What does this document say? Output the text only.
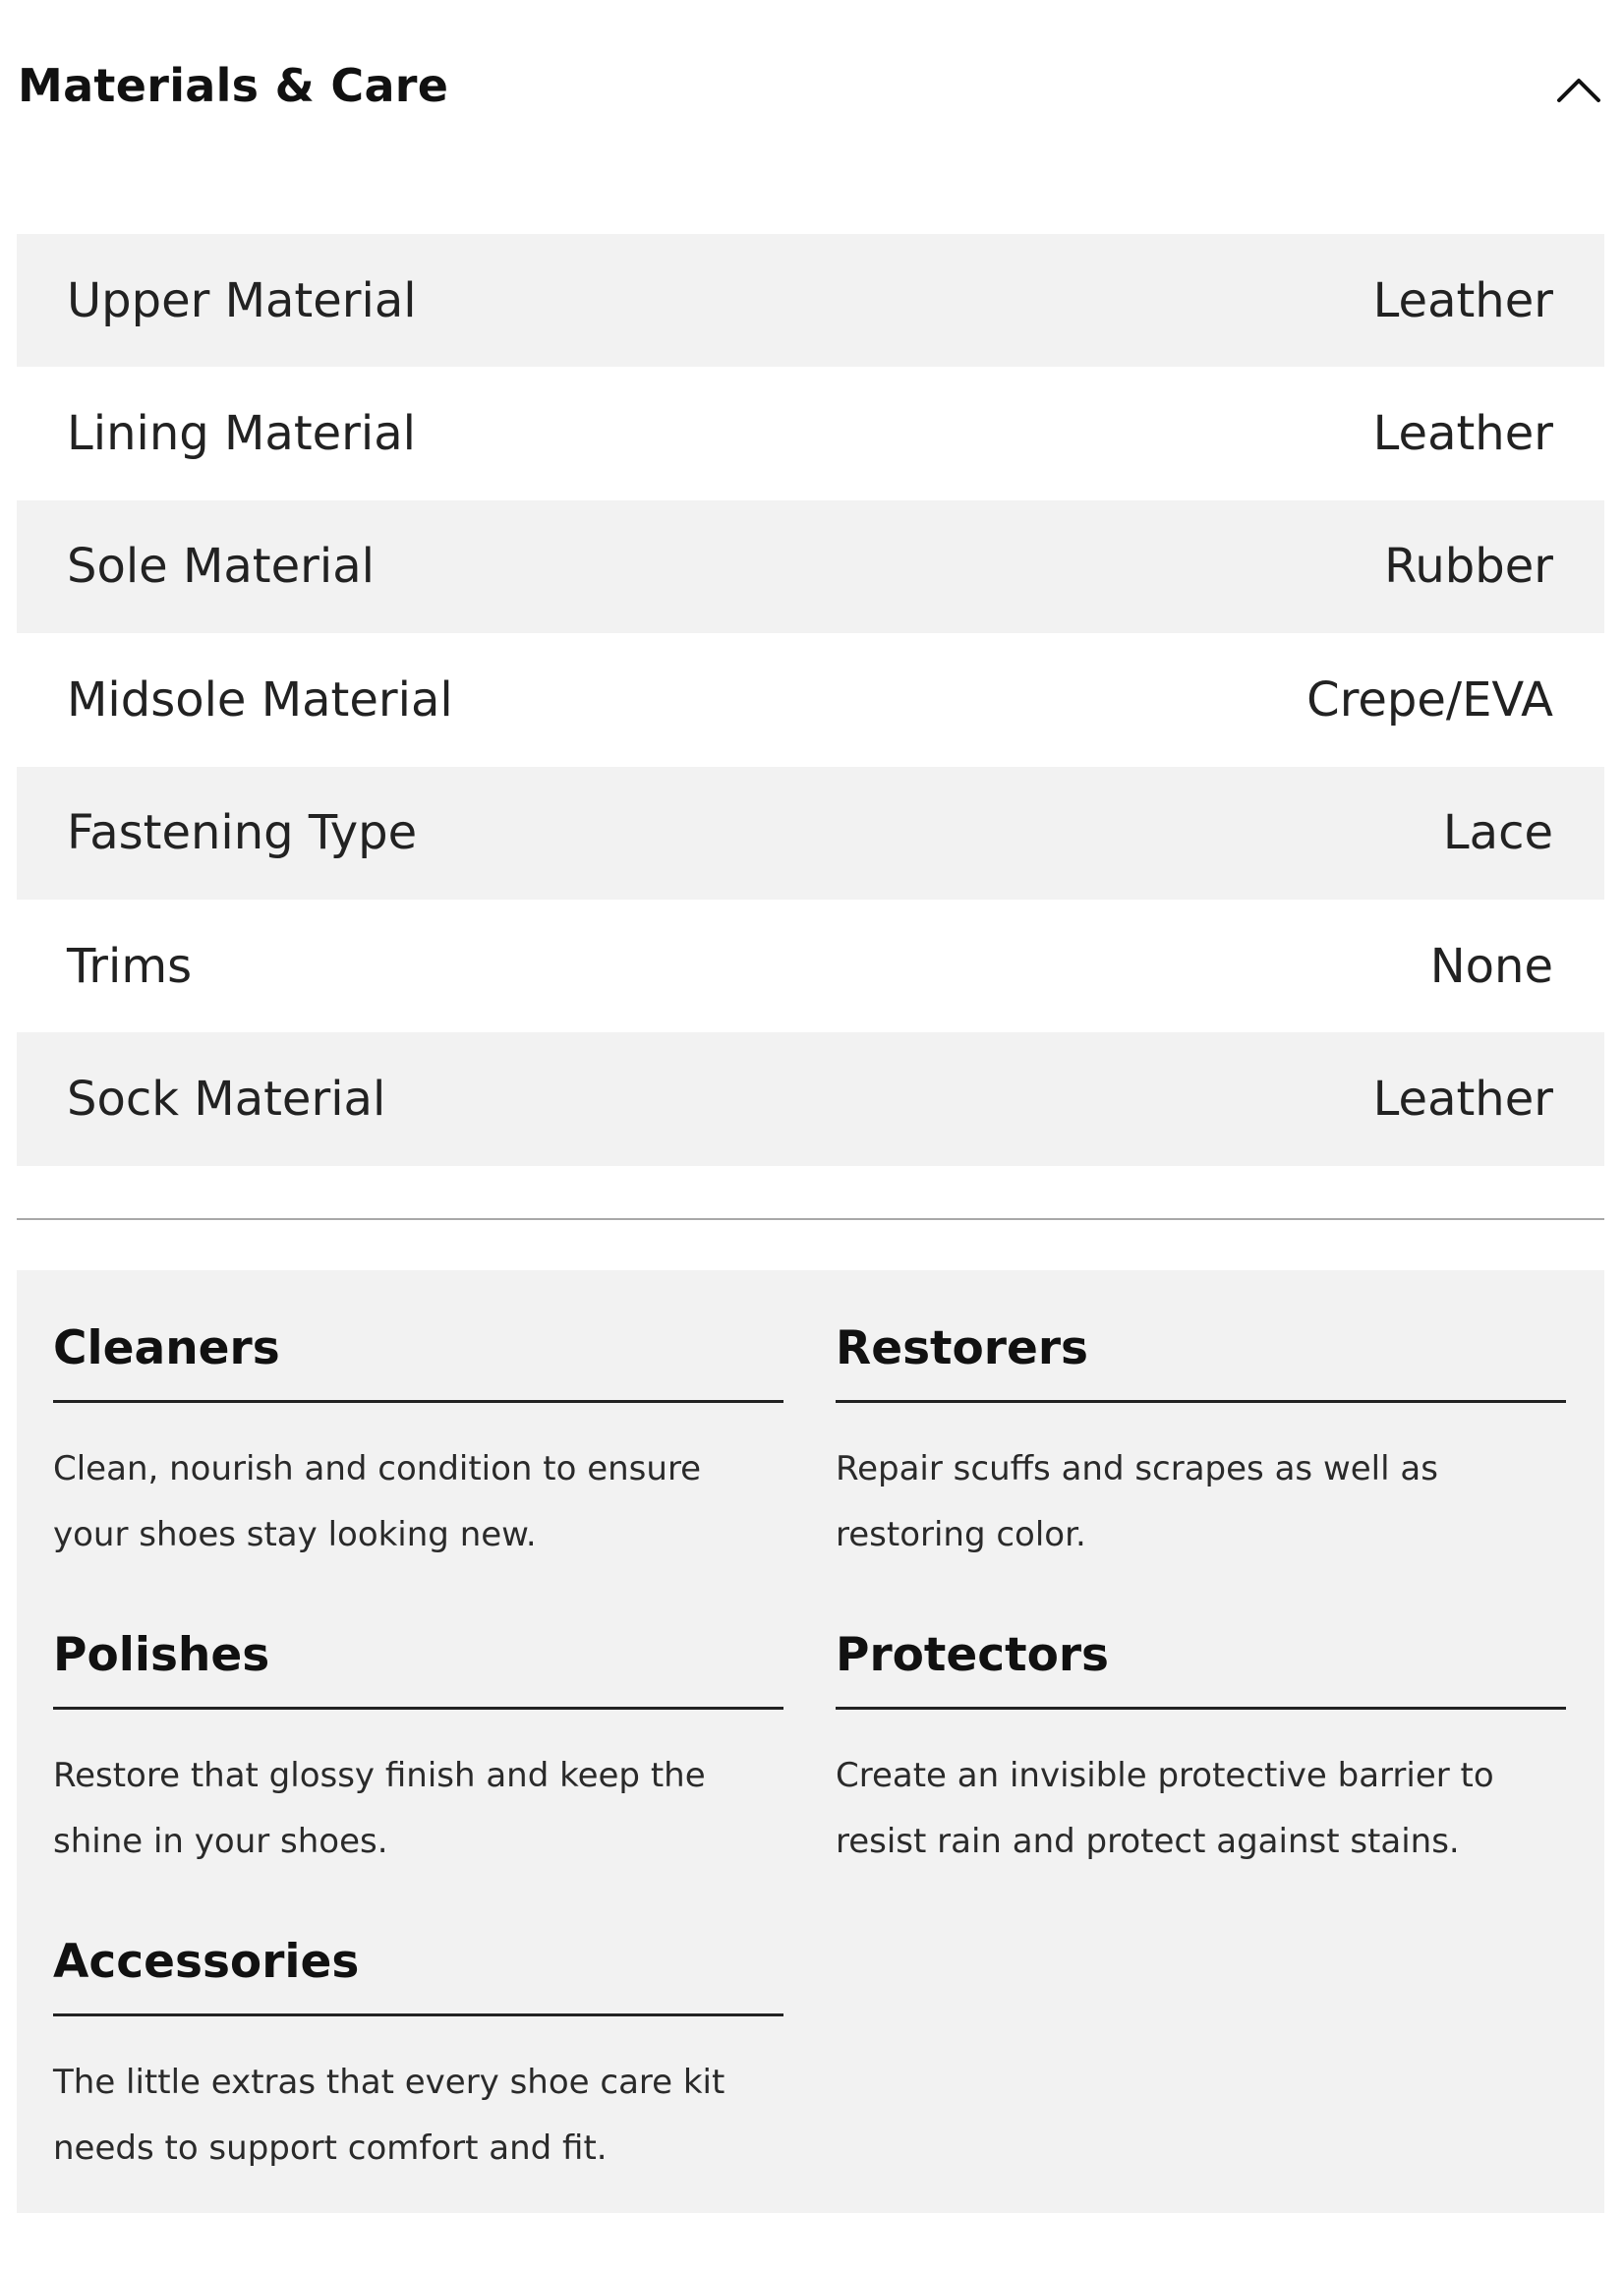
Materials & Care
Upper Material	Leather
Lining Material	Leather
Sole Material	Rubber
Midsole Material	Crepe/EVA
Fastening Type	Lace
Trims	None
Sock Material	Leather
Cleaners
Clean, nourish and condition to ensure your shoes stay looking new.
Restorers
Repair scuffs and scrapes as well as restoring color.
Polishes
Restore that glossy finish and keep the shine in your shoes.
Protectors
Create an invisible protective barrier to resist rain and protect against stains.
Accessories
The little extras that every shoe care kit needs to support comfort and fit.
